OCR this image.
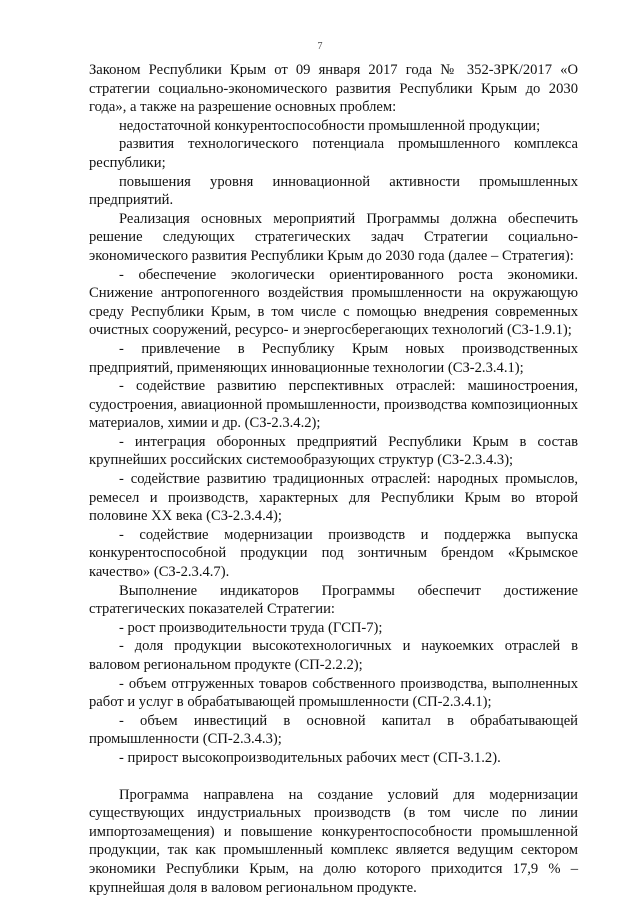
7

Законом Республики Крым от 09 января 2017 года № 352-ЗРК/2017 «О стратегии социально-экономического развития Республики Крым до 2030 года», а также на разрешение основных проблем:

недостаточной конкурентоспособности промышленной продукции;

развития технологического потенциала промышленного комплекса республики;

повышения уровня инновационной активности промышленных предприятий.

Реализация основных мероприятий Программы должна обеспечить решение следующих стратегических задач Стратегии социально-экономического развития Республики Крым до 2030 года (далее – Стратегия):

- обеспечение экологически ориентированного роста экономики. Снижение антропогенного воздействия промышленности на окружающую среду Республики Крым, в том числе с помощью внедрения современных очистных сооружений, ресурсо- и энергосберегающих технологий (СЗ-1.9.1);

- привлечение в Республику Крым новых производственных предприятий, применяющих инновационные технологии (СЗ-2.3.4.1);

- содействие развитию перспективных отраслей: машиностроения, судостроения, авиационной промышленности, производства композиционных материалов, химии и др. (СЗ-2.3.4.2);

- интеграция оборонных предприятий Республики Крым в состав крупнейших российских системообразующих структур (СЗ-2.3.4.3);

- содействие развитию традиционных отраслей: народных промыслов, ремесел и производств, характерных для Республики Крым во второй половине XX века (СЗ-2.3.4.4);

- содействие модернизации производств и поддержка выпуска конкурентоспособной продукции под зонтичным брендом «Крымское качество» (СЗ-2.3.4.7).

Выполнение индикаторов Программы обеспечит достижение стратегических показателей Стратегии:

- рост производительности труда (ГСП-7);

- доля продукции высокотехнологичных и наукоемких отраслей в валовом региональном продукте (СП-2.2.2);

- объем отгруженных товаров собственного производства, выполненных работ и услуг в обрабатывающей промышленности (СП-2.3.4.1);

- объем инвестиций в основной капитал в обрабатывающей промышленности (СП-2.3.4.3);

- прирост высокопроизводительных рабочих мест (СП-3.1.2).

Программа направлена на создание условий для модернизации существующих индустриальных производств (в том числе по линии импортозамещения) и повышение конкурентоспособности промышленной продукции, так как промышленный комплекс является ведущим сектором экономики Республики Крым, на долю которого приходится 17,9 % – крупнейшая доля в валовом региональном продукте.
